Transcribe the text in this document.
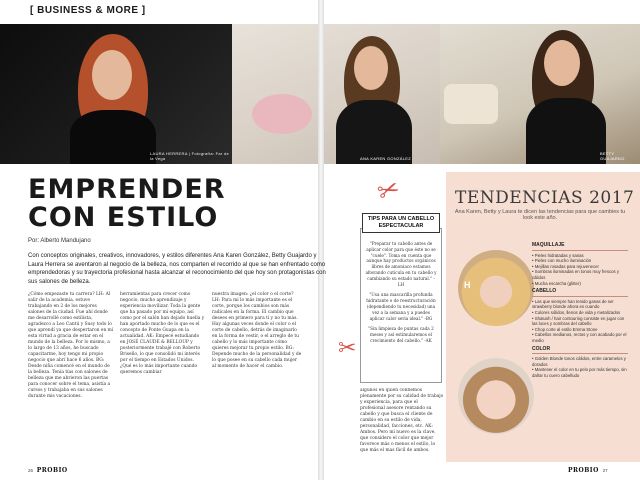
[ BUSINESS & MORE ]
LAURA HERRERA | Fotografía: Far de la Vega	ANA KAREN GONZÁLEZ
BETTY GUAJARDO
EMPRENDER
CON ESTILO
Por: Alberto Mandujano
Con conceptos originales, creativos, innovadores, y estilos diferentes Ana Karen González, Betty Guajardo y Laura Herrera se aventaron al negocio de la belleza, nos comparten el recorrido al que se han enfrentado como emprendedoras y su trayectoria profesional hasta alcanzar el reconocimiento del que hoy son protagonistas con sus salones de belleza.
¿Cómo empezaste tu carrera? LH: Al salir de la academia, estuve trabajando en 2 de los mejores salones de la ciudad. Fue ahí donde me desarrollé como estilista, agradezco a Leo Cantú y Susy todo lo que aprendí ya que despertaron en mí esta virtud a gracia de estar en el mundo de la belleza. Por lo mismo, a lo largo de 13 años, he buscado capacitarme, hoy tengo mi propio negocio que abrí hace 6 años. BG: Desde niña comencé en el mundo de la belleza. Tenía tías con salones de belleza que me abrieron las puertas para conocer sobre el tema, asistía a cursos y trabajaba en sus salones durante mis vacaciones.
herramientas para crecer como negocio, mucho aprendizaje y experiencia movilizar. Toda la gente que ha pasado por mi equipo, así como por el salón han dejado huella y han aportado mucho de lo que es el concepto de Ponte Guapa en la actualidad. AK: Empecé estudiando en JOSÉ CLAUDE & BELLOUP y posteriormente trabajé con Roberto Briseño, lo que consolidó mi interés por el tiempo en Estados Unidos. ¿Qué es lo más importante cuando queremos cambiar
nuestra imagen: ¿el color o el corte? LH: Para mí lo más importante es el corte, porque los cambios son más radicales en la forma. El cambio que desees en primero para tí y no tu más. Hay algunas veces donde el color o el corte de cabello, detrás de imaginarlo en la forma de vestir, o el arreglo de tu cabello y lo más importante cómo quieres mejorar tu propio estilo. BG: Depende mucho de la personalidad y de lo que posee en su cabello cada mujer al momento de hacer el cambio.
algunos en quien confiemos plenamente por su calidad de trabajo y experiencia, para que el profesional asesore rentando su cabello y que busca el cliente de cambio en su estilo de vida, personalidad, facciones, etc. AK: Ambos. Pero mi nuevo es la clave, que considero el color que mejor favorece más o menos el estilo, lo que más el mas fácil de ambos.
✂
✂

"Preparar tu cabello antes de aplicar color para que éste no se "cuele". Toma en cuenta que aunque hay productos orgánicos libres de amoniaco estamos alterando cutícula en tu cabello y cambiando su estado natural." -LH

"Usa una mascarilla profunda hidratante o de reestructuración (dependiendo tu necesidad) una vez a la semana y a puedes aplicar calor seria ideal." -BG

"Sin limpieza de puntas cada 2 meses y así estimularemos el crecimiento del cabello." -AK

TIPS PARA UN CABELLO ESPECTACULAR
TENDENCIAS 2017
Ana Karen, Betty y Laura te dicen las tendencias para que cambies tu look este año.
H
MAQUILLAJE
• Pieles hidratadas y sanas
• Pieles con mucho iluminación
• Mejillas rosadas para rejuvenecer
• Sombras iluminadas en tonos muy frescos y cálidos
• Mucha escarcha (glitter)
CABELLO
• Las que siempre han tenido ganas de ser strawberry blonde ahora es cuando
• Colores sólidos, llenos de vida y metalizados
• Shatush / hair contouring consiste en jugar con las luces y sombras del cabello
• Chop corte al estilo Emma Stone
• Cabellos medianos, rectos y con acabado por el medio
COLOR
• Golden Blonde tonos cálidos, entre caramelos y dorados
• Mantener el color en tu pelo por más tiempo, sin dañar tu cuero cabelludo
26 PROBIO	PROBIO 27
